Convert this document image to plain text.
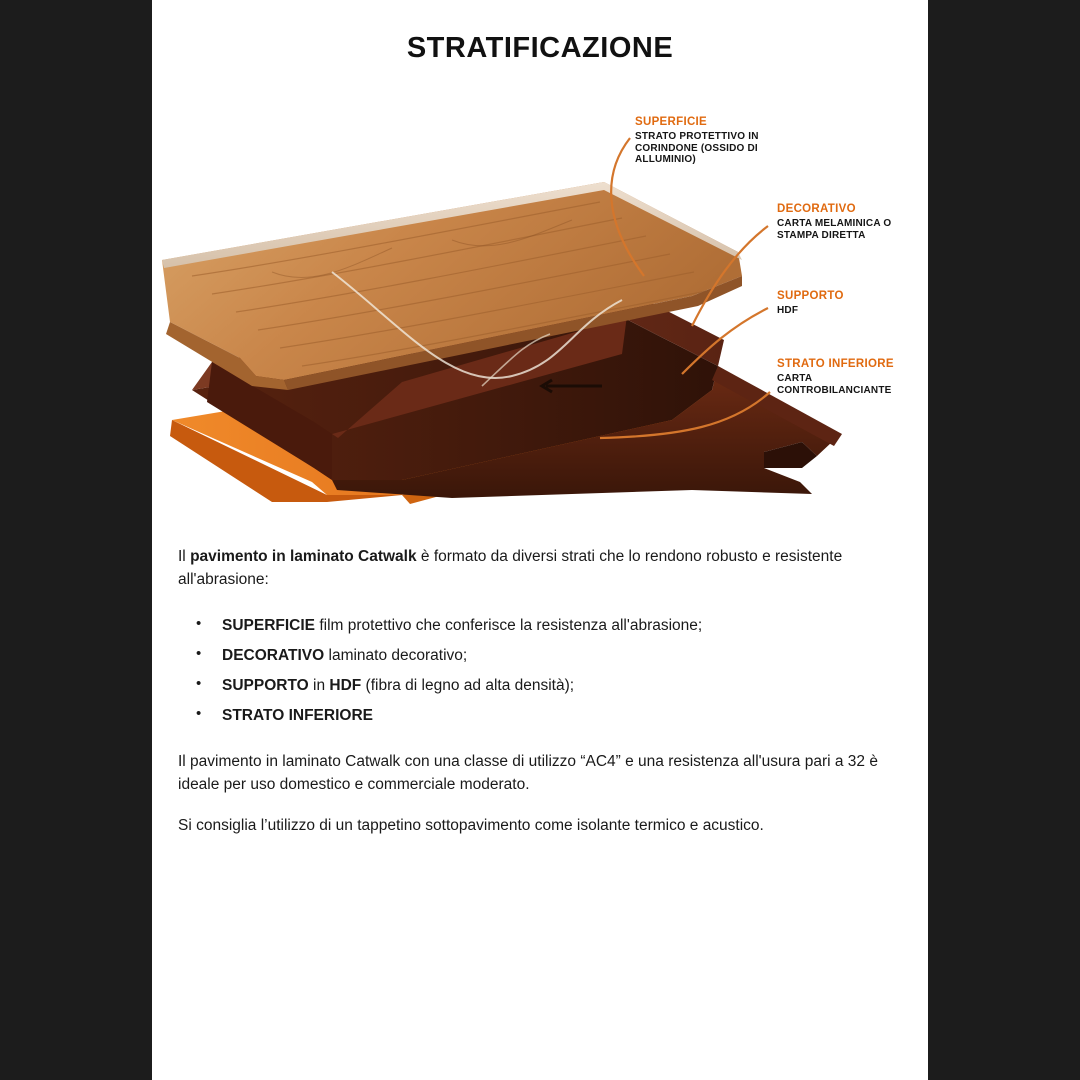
STRATIFICAZIONE
SUPERFICIE
STRATO PROTETTIVO IN CORINDONE (OSSIDO DI ALLUMINIO)
DECORATIVO
CARTA MELAMINICA O STAMPA DIRETTA
SUPPORTO
HDF
STRATO INFERIORE
CARTA CONTROBILANCIANTE

Il pavimento in laminato Catwalk è formato da diversi strati che lo rendono robusto e resistente all'abrasione:

• SUPERFICIE film protettivo che conferisce la resistenza all'abrasione;
• DECORATIVO laminato decorativo;
• SUPPORTO in HDF (fibra di legno ad alta densità);
• STRATO INFERIORE

Il pavimento in laminato Catwalk con una classe di utilizzo “AC4” e una resistenza all'usura pari a 32 è ideale per uso domestico e commerciale moderato.

Si consiglia l’utilizzo di un tappetino sottopavimento come isolante termico e acustico.
